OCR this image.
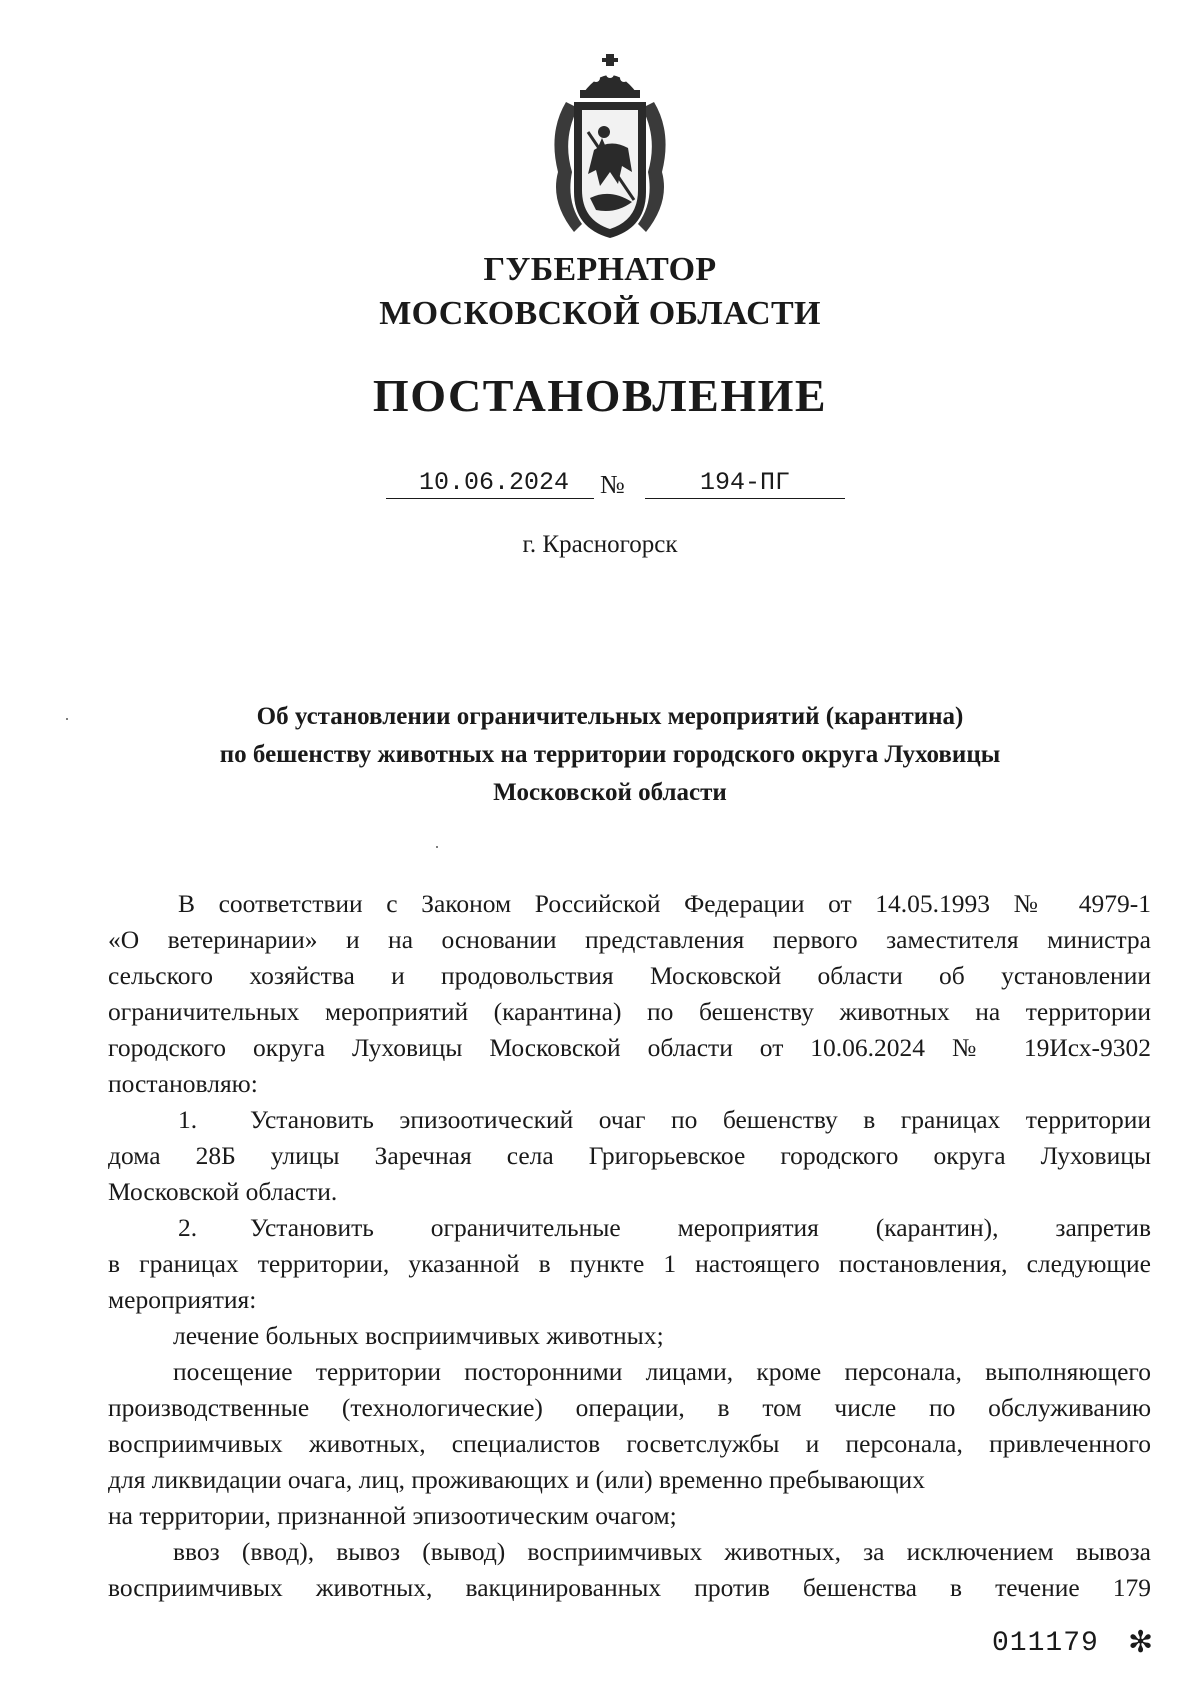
ГУБЕРНАТОР
МОСКОВСКОЙ ОБЛАСТИ
ПОСТАНОВЛЕНИЕ
10.06.2024	№	194-ПГ
г. Красногорск
Об установлении ограничительных мероприятий (карантина)
по бешенству животных на территории городского округа Луховицы
Московской области
В соответствии с Законом Российской Федерации от 14.05.1993 № 4979-1
«О ветеринарии» и на основании представления первого заместителя министра
сельского хозяйства и продовольствия Московской области об установлении
ограничительных мероприятий (карантина) по бешенству животных на территории
городского округа Луховицы Московской области от 10.06.2024 № 19Исх-9302
постановляю:
1. Установить эпизоотический очаг по бешенству в границах территории
дома 28Б улицы Заречная села Григорьевское городского округа Луховицы
Московской области.
2. Установить ограничительные мероприятия (карантин), запретив
в границах территории, указанной в пункте 1 настоящего постановления, следующие
мероприятия:
лечение больных восприимчивых животных;
посещение территории посторонними лицами, кроме персонала, выполняющего
производственные (технологические) операции, в том числе по обслуживанию
восприимчивых животных, специалистов госветслужбы и персонала, привлеченного
для ликвидации очага, лиц, проживающих и (или) временно пребывающих
на территории, признанной эпизоотическим очагом;
ввоз (ввод), вывоз (вывод) восприимчивых животных, за исключением вывоза
восприимчивых животных, вакцинированных против бешенства в течение 179
011179 ✻
